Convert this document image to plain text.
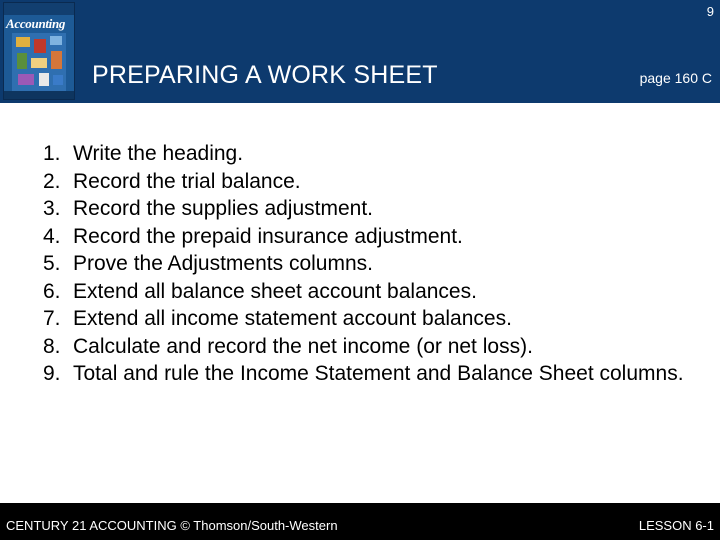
Accounting
9
PREPARING A WORK SHEET	page 160 C
1. Write the heading.
2. Record the trial balance.
3. Record the supplies adjustment.
4. Record the prepaid insurance adjustment.
5. Prove the Adjustments columns.
6. Extend all balance sheet account balances.
7. Extend all income statement account balances.
8. Calculate and record the net income (or net loss).
9. Total and rule the Income Statement and Balance Sheet columns.
CENTURY 21 ACCOUNTING © Thomson/South-Western	LESSON 6-1
